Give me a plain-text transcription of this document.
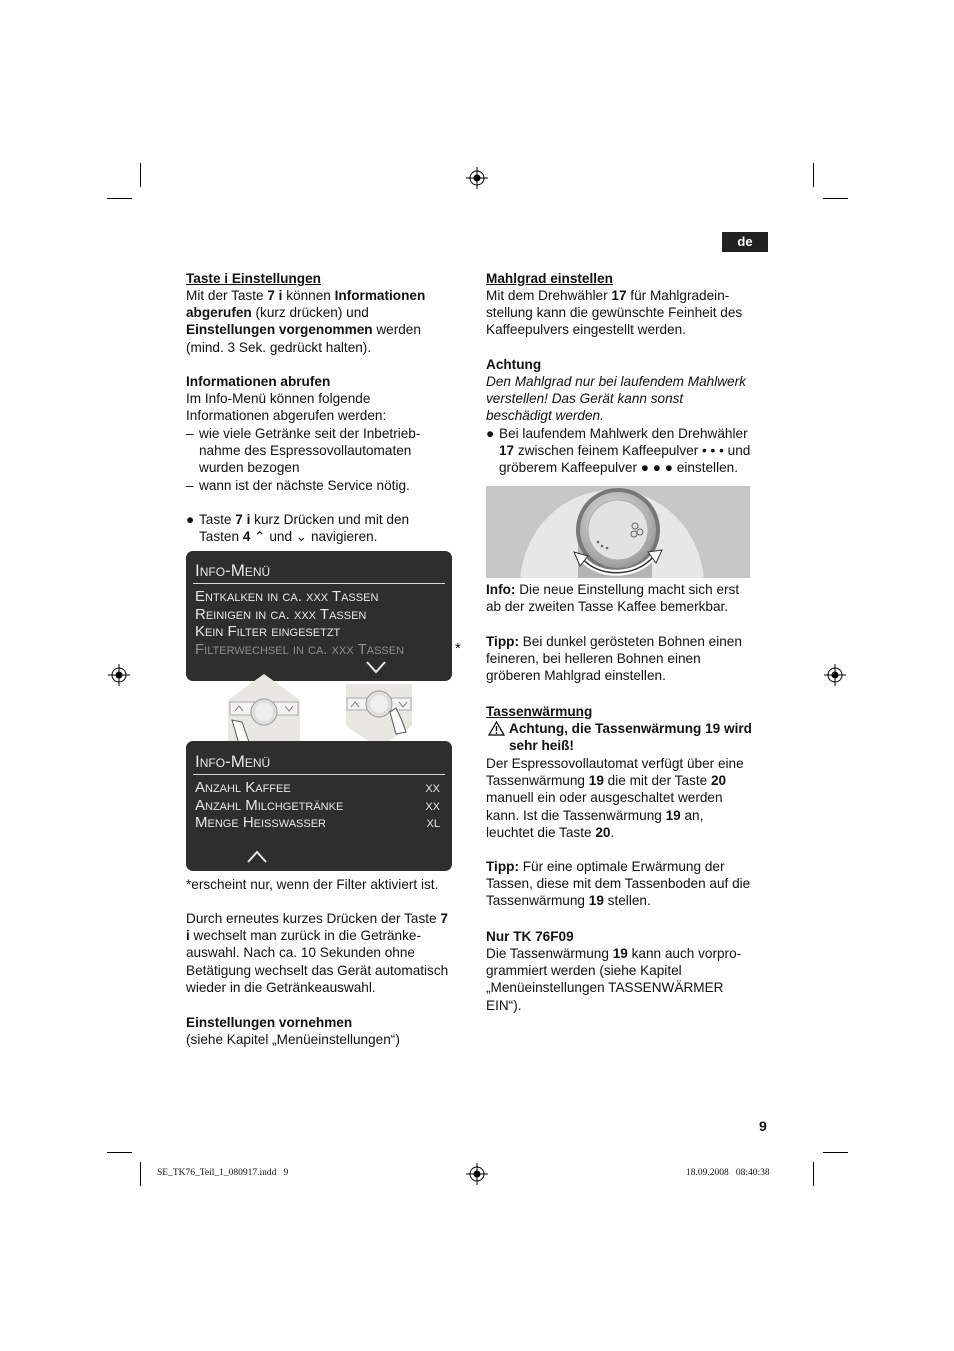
de
Taste i Einstellungen
Mit der Taste 7 i können Informationen
abgerufen (kurz drücken) und
Einstellungen vorgenommen werden
(mind. 3 Sek. gedrückt halten).
Informationen abrufen
Im Info-Menü können folgende
Informationen abgerufen werden:
– wie viele Getränke seit der Inbetrieb-
nahme des Espressovollautomaten
wurden bezogen
– wann ist der nächste Service nötig.
● Taste 7 i kurz Drücken und mit den
Tasten 4 ⌃ und ⌄ navigieren.
Info-Menü
Entkalken in ca. xxx Tassen
Reinigen in ca. xxx Tassen
Kein Filter eingesetzt
Filterwechsel in ca. xxx Tassen	*
Info-Menü
Anzahl Kaffee	xx
Anzahl Milchgetränke	xx
Menge Heisswasser	xl
*erscheint nur, wenn der Filter aktiviert ist.
Durch erneutes kurzes Drücken der Taste 7
i wechselt man zurück in die Getränke-
auswahl. Nach ca. 10 Sekunden ohne
Betätigung wechselt das Gerät automatisch
wieder in die Getränkeauswahl.
Einstellungen vornehmen
(siehe Kapitel „Menüeinstellungen“)
Mahlgrad einstellen
Mit dem Drehwähler 17 für Mahlgradein-
stellung kann die gewünschte Feinheit des
Kaffeepulvers eingestellt werden.
Achtung
Den Mahlgrad nur bei laufendem Mahlwerk
verstellen! Das Gerät kann sonst
beschädigt werden.
● Bei laufendem Mahlwerk den Drehwähler
17 zwischen feinem Kaffeepulver • • • und
gröberem Kaffeepulver ● ● ● einstellen.
Info: Die neue Einstellung macht sich erst
ab der zweiten Tasse Kaffee bemerkbar.
Tipp: Bei dunkel gerösteten Bohnen einen
feineren, bei helleren Bohnen einen
gröberen Mahlgrad einstellen.
Tassenwärmung
Achtung, die Tassenwärmung 19 wird
sehr heiß!
Der Espressovollautomat verfügt über eine
Tassenwärmung 19 die mit der Taste 20
manuell ein oder ausgeschaltet werden
kann. Ist die Tassenwärmung 19 an,
leuchtet die Taste 20.
Tipp: Für eine optimale Erwärmung der
Tassen, diese mit dem Tassenboden auf die
Tassenwärmung 19 stellen.
Nur TK 76F09
Die Tassenwärmung 19 kann auch vorpro-
grammiert werden (siehe Kapitel
„Menüeinstellungen TASSENWÄRMER
EIN“).
9
SE_TK76_Teil_1_080917.indd   9	18.09.2008   08:40:38
